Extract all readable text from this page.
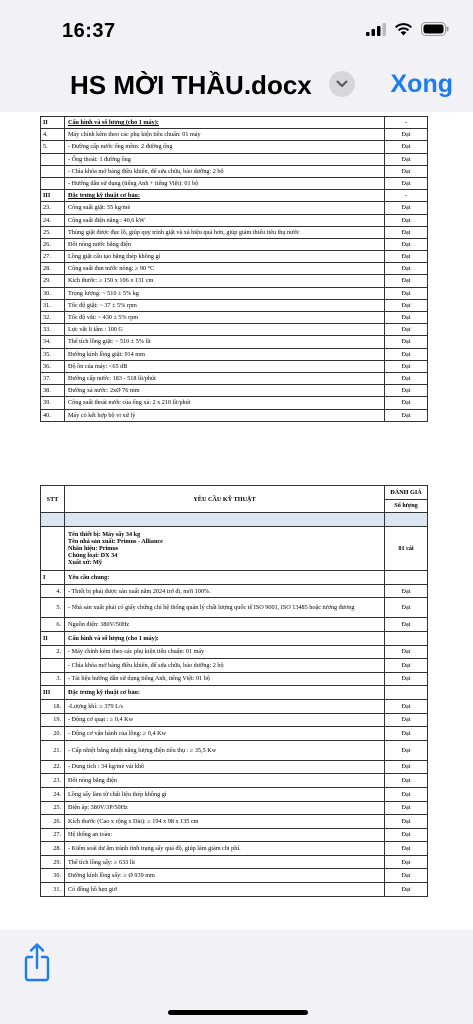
16:37
HS MỜI THẦU.docx	Xong
II	Cấu hình và số lượng (cho 1 máy):	-
4.	Máy chính kèm theo các phụ kiện tiêu chuẩn: 01 máy	Đạt
5.	- Đường cấp nước ống mềm: 2 đường ống	Đạt
	- Ống thoát: 1 đường ống	Đạt
	- Chìa khóa mở bảng điều khiển, để sửa chữa, bảo dưỡng: 2 bộ	Đạt
	- Hướng dẫn sử dụng (tiếng Anh + tiếng Việt): 01 bộ	Đạt
III	Đặc trưng kỹ thuật cơ bản:	-
23.	Công suất giặt: 55 kg/mẻ	Đạt
24.	Công suất điện năng : 40,6 kW	Đạt
25.	Thùng giặt được đục lỗ, giúp quy trình giặt và xả hiệu quả hơn, giúp giảm thiểu tiêu thụ nước	Đạt
26.	Đốt nóng nước bằng điện	Đạt
27.	Lồng giặt cấu tạo bằng thép không gỉ	Đạt
28.	Công suất đun nước nóng: ≥ 90 °C	Đạt
29.	Kích thước: ≥ 150 x 106 x 131 cm	Đạt
30.	Trọng lượng: ~ 510 ± 5% kg	Đạt
31.	Tốc độ giặt: ~ 37 ± 5% rpm	Đạt
32.	Tốc độ vắt: ~ 430 ± 5% rpm	Đạt
33.	Lực vắt li tâm : 100 G	Đạt
34.	Thể tích lồng giặt: ~ 510 ± 5% lít	Đạt
35.	Đường kính lồng giặt: 914 mm	Đạt
36.	Độ ồn của máy: <65 dB	Đạt
37.	Đường cấp nước: 183 - 518 lít/phút	Đạt
38.	Đường xả nước: 2xØ 76 mm	Đạt
39.	Công suất thoát nước của ống xả: 2 x 210 lít/phút	Đạt
40.	Máy có kết hợp bộ vi xử lý	Đạt
STT	YÊU CẦU KỸ THUẬT	ĐÁNH GIÁ
		Số lượng

	Tên thiết bị: Máy sấy 34 kg
Tên nhà sản xuất: Primus - Alliance
Nhãn hiệu: Primus
Chủng loại: DX 34
Xuất xứ: Mỹ	01 cái
I	Yêu cầu chung:	
4.	- Thiết bị phải được sản xuất năm 2024 trở đi, mới 100%.	Đạt
5.	- Nhà sản xuất phải có giấy chứng chỉ hệ thống quản lý chất lượng quốc tế ISO 9001, ISO 13485 hoặc tương đương	Đạt
6.	Nguồn điện: 380V/50Hz	Đạt
II	Cấu hình và số lượng (cho 1 máy):	
2.	- Máy chính kèm theo các phụ kiện tiêu chuẩn: 01 máy	Đạt
	- Chìa khóa mở bảng điều khiển, để sửa chữa, bảo dưỡng: 2 bộ	Đạt
3.	- Tài liệu hướng dẫn sử dụng tiếng Anh, tiếng Việt: 01 bộ	Đạt
III	Đặc trưng kỹ thuật cơ bản:	
18.	-Lượng khí: ≥ 379 L/s	Đạt
19.	- Động cơ quạt : ≥ 0,4 Kw	Đạt
20.	- Động cơ vận hành của lồng: ≥ 0,4 Kw	Đạt
21.	- Cấp nhiệt bằng nhiệt năng lượng điện tiêu thụ : ≥ 35,5 Kw	Đạt
22.	- Dung tích : 34 kg/mẻ vải khô	Đạt
23.	Đốt nóng bằng điện	Đạt
24.	Lồng sấy làm từ chất liệu thép không gỉ	Đạt
25.	Điện áp: 380V/3P/50Hz	Đạt
26.	Kích thước (Cao x rộng x Dài): ≥ 194 x 98 x 135 cm	Đạt
27.	Hệ thống an toàn:	Đạt
28.	- Kiểm soát dư âm tránh tình trạng sấy quá độ, giúp làm giảm chi phí.	Đạt
29.	Thể tích lồng sấy: ≥ 633 lít	Đạt
30.	Đường kính lồng sấy: ≥ Ø 939 mm	Đạt
31.	Có đồng hồ hẹn giờ	Đạt
